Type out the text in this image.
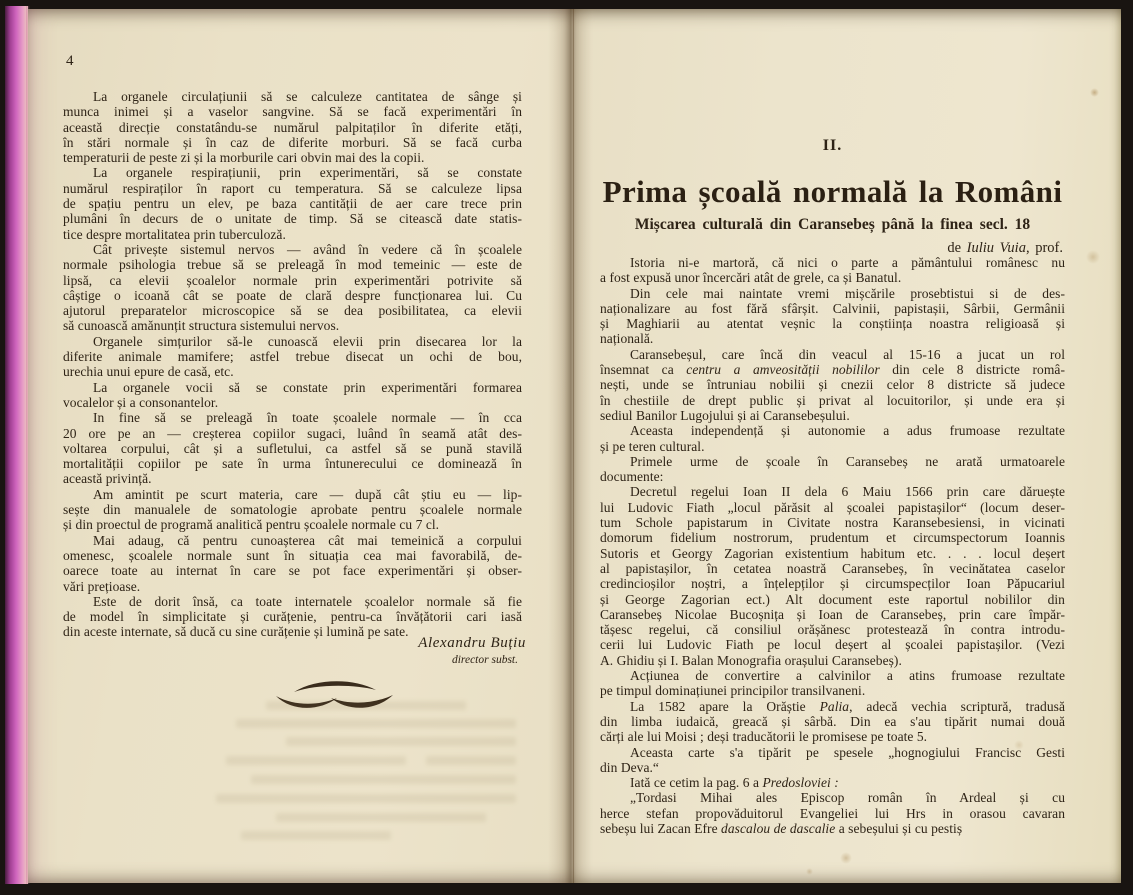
4
La organele circulațiunii să se calculeze cantitatea de sânge și
munca inimei și a vaselor sangvine. Să se facă experimentări în
această direcție constatându-se numărul palpitaților în diferite etăți,
în stări normale și în caz de diferite morburi. Să se facă curba
temperaturii de peste zi și la morburile cari obvin mai des la copii.
La organele respirațiunii, prin experimentări, să se constate
numărul respiraților în raport cu temperatura. Să se calculeze lipsa
de spațiu pentru un elev, pe baza cantității de aer care trece prin
plumâni în decurs de o unitate de timp. Să se citească date statis-
tice despre mortalitatea prin tuberculoză.
Cât privește sistemul nervos — având în vedere că în școalele
normale psihologia trebue să se preleagă în mod temeinic — este de
lipsă, ca elevii școalelor normale prin experimentări potrivite să
câștige o icoană cât se poate de clară despre funcționarea lui. Cu
ajutorul preparatelor microscopice să se dea posibilitatea, ca elevii
să cunoască amănunțit structura sistemului nervos.
Organele simțurilor să-le cunoască elevii prin disecarea lor la
diferite animale mamifere; astfel trebue disecat un ochi de bou,
urechia unui epure de casă, etc.
La organele vocii să se constate prin experimentări formarea
vocalelor și a consonantelor.
In fine să se preleagă în toate școalele normale — în cca
20 ore pe an — creșterea copiilor sugaci, luând în seamă atât des-
voltarea corpului, cât și a sufletului, ca astfel să se pună stavilă
mortalității copiilor pe sate în urma întunerecului ce dominează în
această privință.
Am amintit pe scurt materia, care — după cât știu eu — lip-
sește din manualele de somatologie aprobate pentru școalele normale
și din proectul de programă analitică pentru școalele normale cu 7 cl.
Mai adaug, că pentru cunoașterea cât mai temeinică a corpului
omenesc, școalele normale sunt în situația cea mai favorabilă, de-
oarece toate au internat în care se pot face experimentări și obser-
vări prețioase.
Este de dorit însă, ca toate internatele școalelor normale să fie
de model în simplicitate și curățenie, pentru-ca învățătorii cari iasă
din aceste internate, să ducă cu sine curățenie și lumină pe sate.
Alexandru Buțiu
director subst.
II.
Prima școală normală la Români
Mișcarea culturală din Caransebeș până la finea secl. 18
de Iuliu Vuia, prof.
Istoria ni-e martoră, că nici o parte a pământului românesc nu
a fost expusă unor încercări atât de grele, ca și Banatul.
Din cele mai naintate vremi mișcările prosebtistui si de des-
naționalizare au fost fără sfârșit. Calvinii, papistașii, Sârbii, Germânii
și Maghiarii au atentat veșnic la conștiința noastra religioasă și
națională.
Caransebeșul, care încă din veacul al 15-16 a jucat un rol
însemnat ca centru a amveosității nobililor din cele 8 districte româ-
nești, unde se întruniau nobilii și cnezii celor 8 districte să judece
în chestiile de drept public și privat al locuitorilor, și unde era și
sediul Banilor Lugojului și ai Caransebeșului.
Aceasta independență și autonomie a adus frumoase rezultate
și pe teren cultural.
Primele urme de școale în Caransebeș ne arată urmatoarele
documente:
Decretul regelui Ioan II dela 6 Maiu 1566 prin care dăruește
lui Ludovic Fiath „locul părăsit al școalei papistașilor“ (locum deser-
tum Schole papistarum in Civitate nostra Karansebesiensi, in vicinati
domorum fidelium nostrorum, prudentum et circumspectorum Ioannis
Sutoris et Georgy Zagorian existentium habitum etc. . . . locul deșert
al papistașilor, în cetatea noastră Caransebeș, în vecinătatea caselor
credincioșilor noștri, a înțelepților și circumspecților Ioan Păpucariul
și George Zagorian ect.) Alt document este raportul nobililor din
Caransebeș Nicolae Bucoșnița și Ioan de Caransebeș, prin care împăr-
tășesc regelui, că consiliul orășănesc protestează în contra introdu-
cerii lui Ludovic Fiath pe locul deșert al școalei papistașilor. (Vezi
A. Ghidiu și I. Balan Monografia orașului Caransebeș).
Acțiunea de convertire a calvinilor a atins frumoase rezultate
pe timpul dominațiunei principilor transilvaneni.
La 1582 apare la Orăștie Palia, adecă vechia scriptură, tradusă
din limba iudaică, greacă și sârbă. Din ea s'au tipărit numai două
cărți ale lui Moisi ; deși traducătorii le promisese pe toate 5.
Aceasta carte s'a tipărit pe spesele „hognogiului Francisc Gesti
din Deva.“
Iată ce cetim la pag. 6 a Predosloviei :
„Tordasi Mihai ales Episcop român în Ardeal și cu
herce stefan propovăduitorul Evangeliei lui Hrs in orasou cavaran
sebeșu lui Zacan Efre dascalou de dascalie a sebeșului și cu pestiș
